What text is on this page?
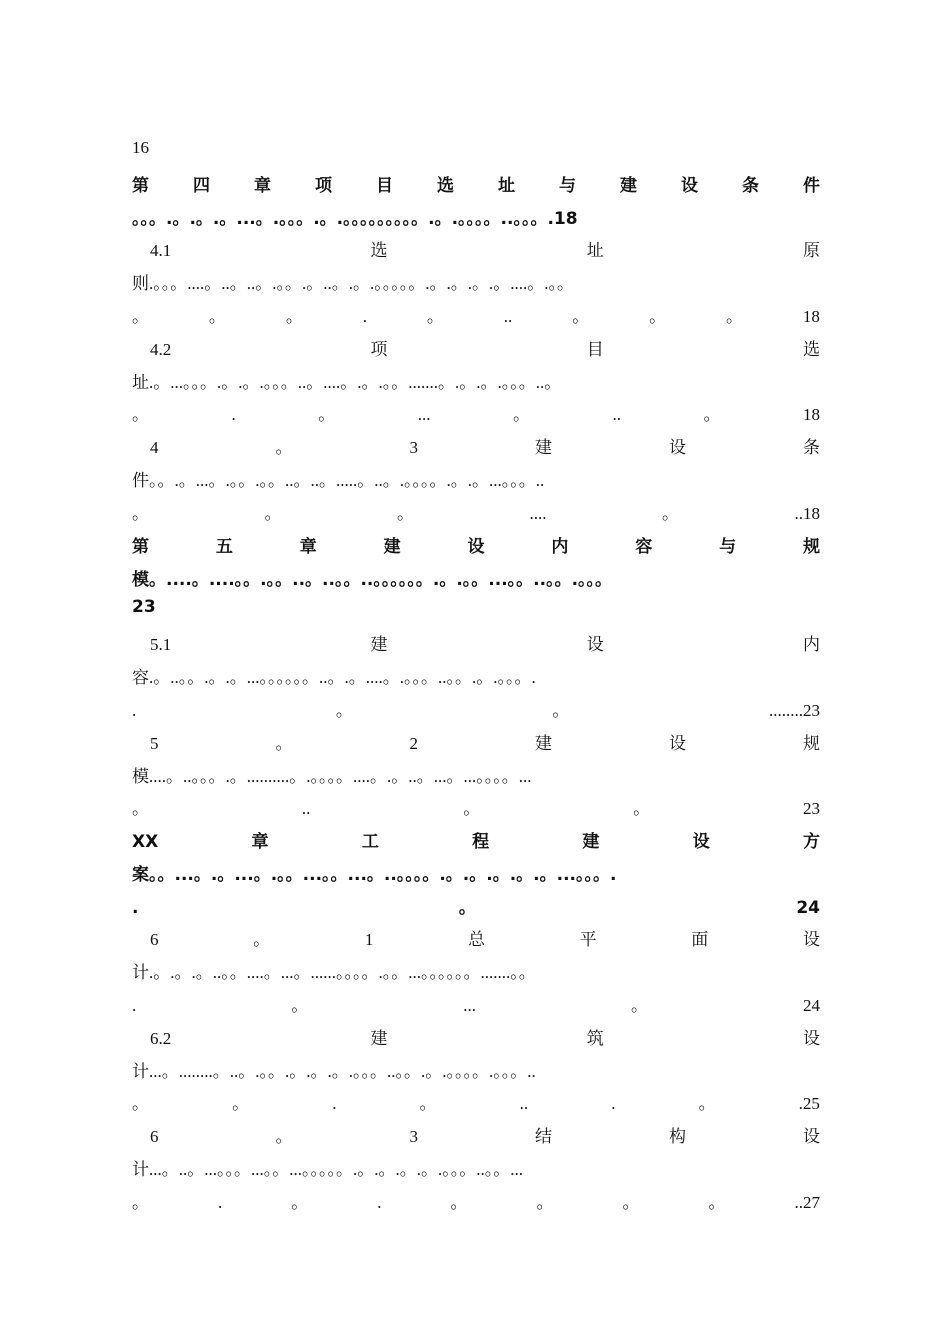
16
第	四	章	项	目	选	址	与	建	设	条	件
。。。.。.。.。...。.。。。.。.。。。。。。。。。.。.。。。。..。。。.18
4.1	选	址	原
则.。。。....。..。..。.。。.。..。.。.。。。。。.。.。.。.。....。.。。
。	。	。	.	。	..	。	。	。	18
4.2	项	目	选
址.。...。。。.。.。.。。。..。....。.。.。。.......。.。.。.。。。..。
。	.	。	...	。	..	。	18
4	。	3	建	设	条
件。。.。...。.。。.。。..。..。.....。..。.。。。。.。.。...。。。..
。	。	。	....	。	..18
第	五	章	建	设	内	容	与	规
模。....。....。。.。。..。..。。..。。。。。。.。.。。...。。..。。.。。。
23
5.1	建	设	内
容.。..。。.。.。...。。。。。。..。.。....。.。。。..。。.。.。。。.
.	。	。	........23
5	。	2	建	设	规
模....。..。。。.。..........。.。。。。....。.。..。...。...。。。。...
。	..	。	。	23
XX	章	工	程	建	设	方
案。。...。.。...。.。。...。。...。..。。。。.。.。.。.。.。...。。。.
.	。	24
6	。	1	总	平	面	设
计.。.。.。..。。....。...。......。。。。.。。...。。。。。。.......。。
.	。	...	。	24
6.2	建	筑	设
计...。........。..。.。。.。.。.。.。。。..。。.。.。。。。.。。。..
。	。	.	。	..	.	。	.25
6	。	3	结	构	设
计...。..。...。。。...。。...。。。。。.。.。.。.。.。。。..。。...
。	.	。	.	。	。	。	。	..27
